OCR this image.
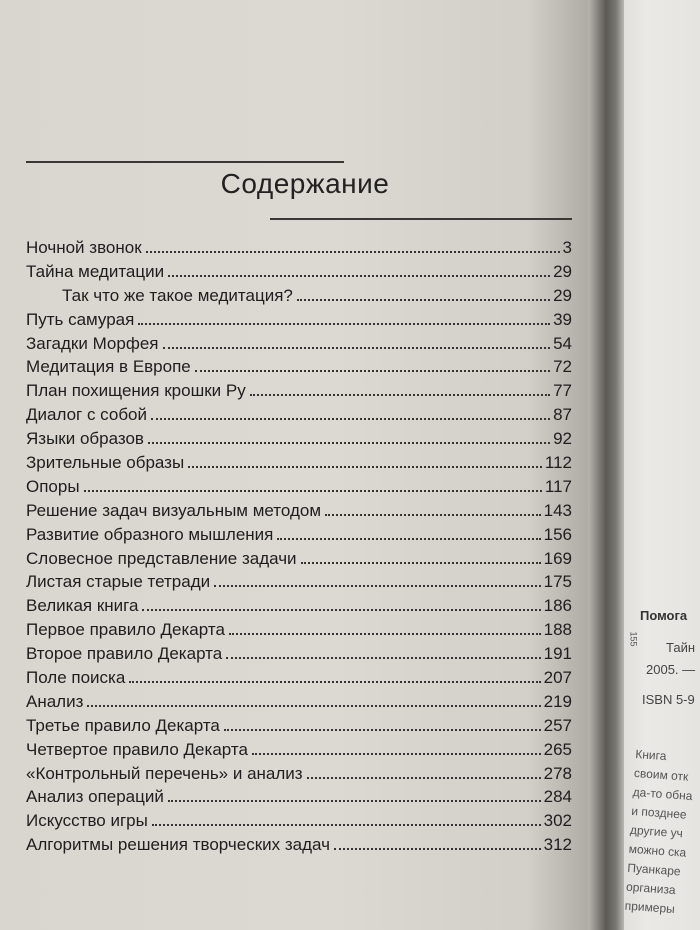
Содержание
Ночной звонок	3
Тайна медитации	29
Так что же такое медитация?	29
Путь самурая	39
Загадки Морфея	54
Медитация в Европе	72
План похищения крошки Ру	77
Диалог с собой	87
Языки образов	92
Зрительные образы	112
Опоры	117
Решение задач визуальным методом	143
Развитие образного мышления	156
Словесное представление задачи	169
Листая старые тетради	175
Великая книга	186
Первое правило Декарта	188
Второе правило Декарта	191
Поле поиска	207
Анализ	219
Третье правило Декарта	257
Четвертое правило Декарта	265
«Контрольный перечень» и анализ	278
Анализ операций	284
Искусство игры	302
Алгоритмы решения творческих задач	312
Помога
155
Тайн
2005. —
ISBN 5-9
Книга
своим отк
да-то обна
и позднее
другие уч
можно ска
Пуанкаре
организа
примеры
